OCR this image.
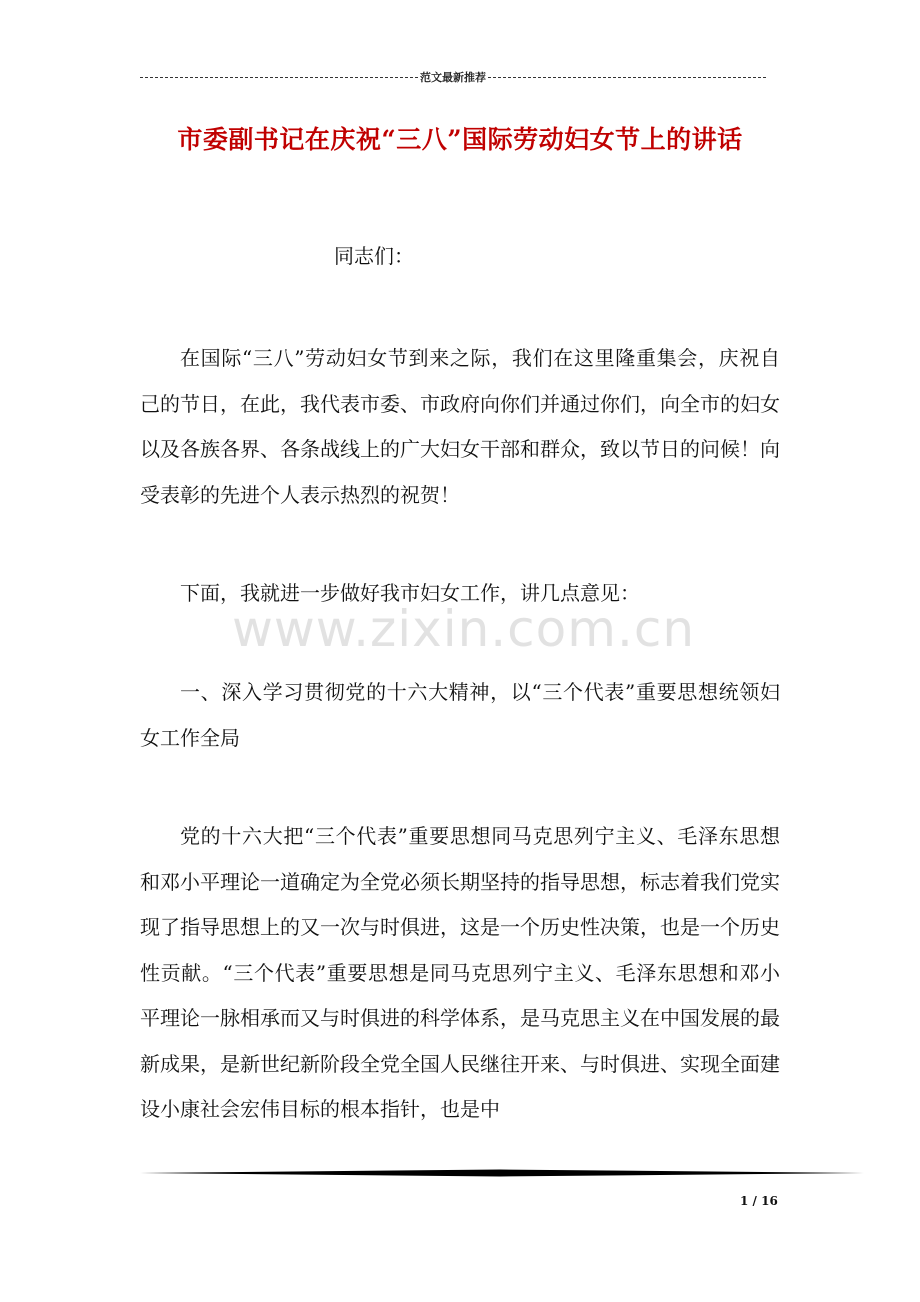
范文最新推荐
市委副书记在庆祝“三八”国际劳动妇女节上的讲话
同志们：
在国际“三八”劳动妇女节到来之际，我们在这里隆重集会，庆祝自己的节日，在此，我代表市委、市政府向你们并通过你们，向全市的妇女以及各族各界、各条战线上的广大妇女干部和群众，致以节日的问候！向受表彰的先进个人表示热烈的祝贺！
下面，我就进一步做好我市妇女工作，讲几点意见：
www.zixin.com.cn
一、深入学习贯彻党的十六大精神，以“三个代表”重要思想统领妇女工作全局
党的十六大把“三个代表”重要思想同马克思列宁主义、毛泽东思想和邓小平理论一道确定为全党必须长期坚持的指导思想，标志着我们党实现了指导思想上的又一次与时俱进，这是一个历史性决策，也是一个历史性贡献。“三个代表”重要思想是同马克思列宁主义、毛泽东思想和邓小平理论一脉相承而又与时俱进的科学体系，是马克思主义在中国发展的最新成果，是新世纪新阶段全党全国人民继往开来、与时俱进、实现全面建设小康社会宏伟目标的根本指针，也是中
1 / 16
